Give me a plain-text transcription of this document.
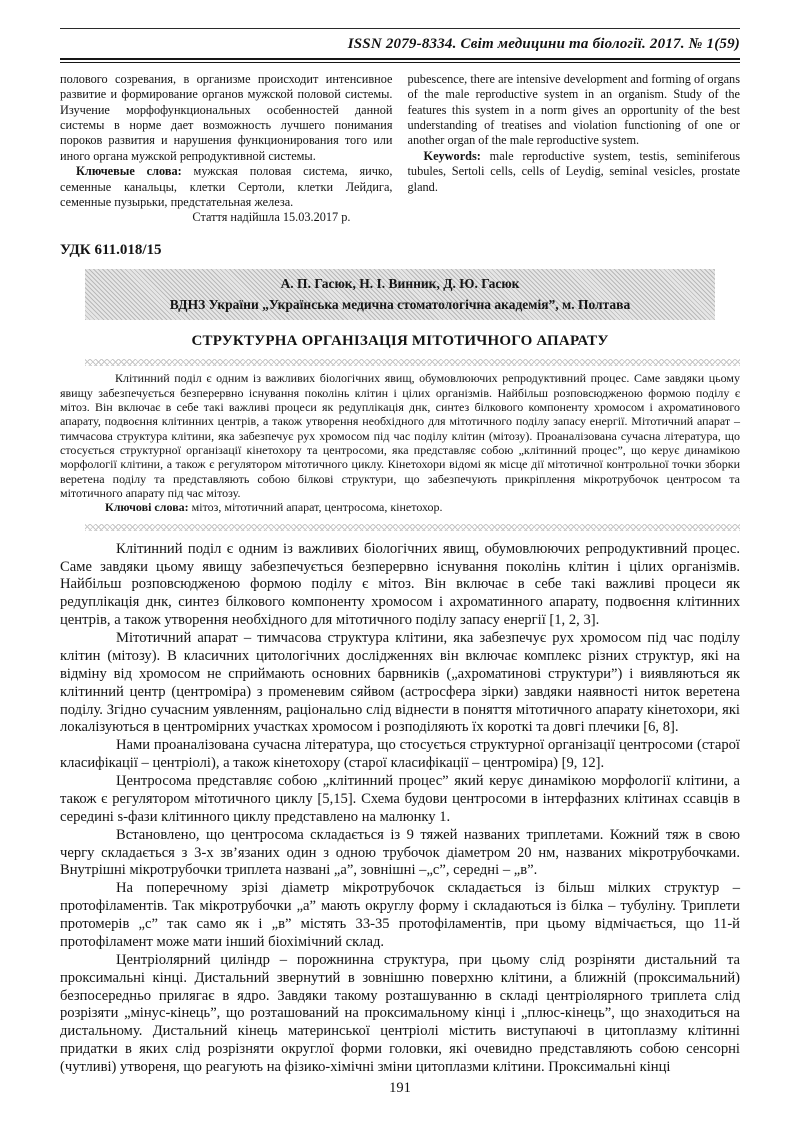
ISSN 2079-8334. Світ медицини та біології. 2017. № 1(59)

полового созревания, в организме происходит интенсивное развитие и формирование органов мужской половой системы. Изучение морфофункциональных особенностей данной системы в норме дает возможность лучшего понимания пороков развития и нарушения функционирования того или иного органа мужской репродуктивной системы.

Ключевые слова: мужская половая система, яичко, семенные канальцы, клетки Сертоли, клетки Лейдига, семенные пузырьки, предстательная железа.

Стаття надійшла 15.03.2017 р.

pubescence, there are intensive development and forming of organs of the male reproductive system in an organism. Study of the features this system in a norm gives an opportunity of the best understanding of treatises and violation functioning of one or another organ of the male reproductive system.

Keywords: male reproductive system, testis, seminiferous tubules, Sertoli cells, cells of Leydig, seminal vesicles, prostate gland.

УДК 611.018/15
А. П. Гасюк, Н. І. Винник, Д. Ю. Гасюк
ВДНЗ України „Українська медична стоматологічна академія”, м. Полтава
СТРУКТУРНА ОРГАНІЗАЦІЯ МІТОТИЧНОГО АПАРАТУ

Клітинний поділ є одним із важливих біологічних явищ, обумовлюючих репродуктивний процес. Саме завдяки цьому явищу забезпечується безперервно існування поколінь клітин і цілих організмів. Найбільш розповсюдженою формою поділу є мітоз. Він включає в себе такі важливі процеси як редуплікація днк, синтез білкового компоненту хромосом і ахроматинового апарату, подвоєння клітинних центрів, а також утворення необхідного для мітотичного поділу запасу енергії. Мітотичний апарат – тимчасова структура клітини, яка забезпечує рух хромосом під час поділу клітин (мітозу). Проаналізована сучасна література, що стосується структурної організації кінетохору та центросоми, яка представляє собою „клітинний процес”, що керує динамікою морфології клітини, а також є регулятором мітотичного циклу. Кінетохори відомі як місце дії мітотичної контрольної точки зборки веретена поділу та представляють собою білкові структури, що забезпечують прикріплення мікротрубочок центросом та мітотичного апарату під час мітозу.

Ключові слова: мітоз, мітотичний апарат, центросома, кінетохор.

Клітинний поділ є одним із важливих біологічних явищ, обумовлюючих репродуктивний процес. Саме завдяки цьому явищу забезпечується безперервно існування поколінь клітин і цілих організмів. Найбільш розповсюдженою формою поділу є мітоз. Він включає в себе такі важливі процеси як редуплікація днк, синтез білкового компоненту хромосом і ахроматинного апарату, подвоєння клітинних центрів, а також утворення необхідного для мітотичного поділу запасу енергії [1, 2, 3].

Мітотичний апарат – тимчасова структура клітини, яка забезпечує рух хромосом під час поділу клітин (мітозу). В класичних цитологічних дослідженнях він включає комплекс різних структур, які на відміну від хромосом не сприймають основних барвників („ахроматинові структури”) і виявляються як клітинний центр (центроміра) з променевим сяйвом (астросфера зірки) завдяки наявності ниток веретена поділу. Згідно сучасним уявленням, раціонально слід віднести в поняття мітотичного апарату кінетохори, які локалізуються в центромірних участках хромосом і розподіляють їх короткі та довгі плечики [6, 8].

Нами проаналізована сучасна література, що стосується структурної організації центросоми (старої класифікації – центріолі), а також кінетохору (старої класифікації – центроміра) [9, 12].

Центросома представляє собою „клітинний процес” який керує динамікою морфології клітини, а також є регулятором мітотичного циклу [5,15]. Схема будови центросоми в інтерфазних клітинах ссавців в середині s-фази клітинного циклу представлено на малюнку 1.

Встановлено, що центросома складається із 9 тяжей названих триплетами. Кожний тяж в свою чергу складається з 3-х зв’язаних один з одною трубочок діаметром 20 нм, названих мікротрубочками. Внутрішні мікротрубочки триплета названі „а”, зовнішні –„с”, середні – „в”.

На поперечному зрізі діаметр мікротрубочок складається із більш мілких структур – протофіламентів. Так мікротрубочки „а” мають округлу форму і складаються із білка – тубуліну. Триплети протомерів „с” так само як і „в” містять 33-35 протофіламентів, при цьому відмічається, що 11-й протофіламент може мати інший біохімічний склад.

Центріолярний циліндр – порожнинна структура, при цьому слід розріняти дистальний та проксимальні кінці. Дистальний звернутий в зовнішню поверхню клітини, а ближній (проксимальний) безпосередньо прилягає в ядро. Завдяки такому розташуванню в складі центріолярного триплета слід розрізяти „мінус-кінець”, що розташований на проксимальному кінці і „плюс-кінець”, що знаходиться на дистальному. Дистальний кінець материнської центріолі містить виступаючі в цитоплазму клітинні придатки в яких слід розрізняти округлої форми головки, які очевидно представляють собою сенсорні (чутливі) утвореня, що реагують на фізико-хімічні зміни цитоплазми клітини. Проксимальні кінці

191
